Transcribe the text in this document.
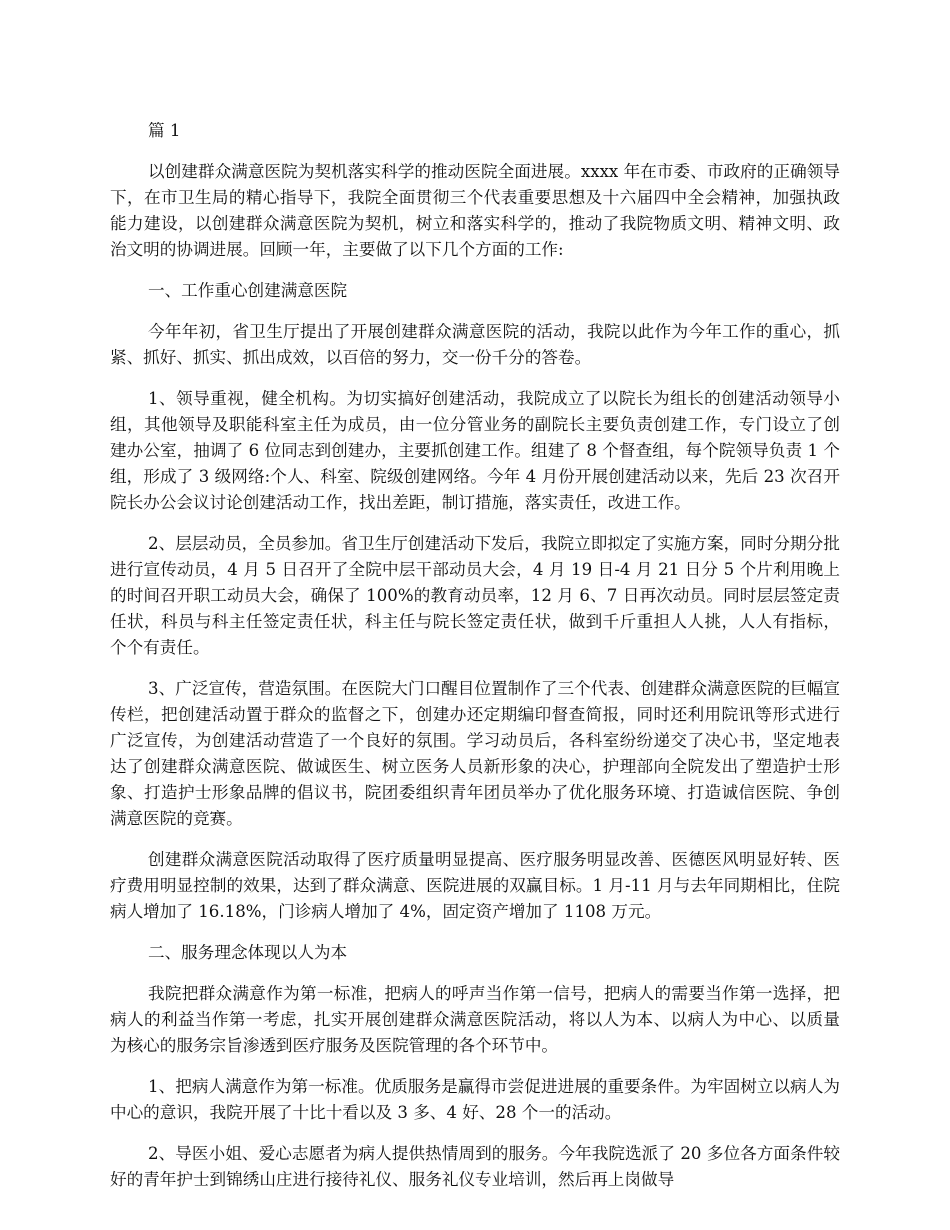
篇 1

以创建群众满意医院为契机落实科学的推动医院全面进展。xxxx 年在市委、市政府的正确领导下，在市卫生局的精心指导下，我院全面贯彻三个代表重要思想及十六届四中全会精神，加强执政能力建设，以创建群众满意医院为契机，树立和落实科学的，推动了我院物质文明、精神文明、政治文明的协调进展。回顾一年，主要做了以下几个方面的工作:

一、工作重心创建满意医院

今年年初，省卫生厅提出了开展创建群众满意医院的活动，我院以此作为今年工作的重心，抓紧、抓好、抓实、抓出成效，以百倍的努力，交一份千分的答卷。

1、领导重视，健全机构。为切实搞好创建活动，我院成立了以院长为组长的创建活动领导小组，其他领导及职能科室主任为成员，由一位分管业务的副院长主要负责创建工作，专门设立了创建办公室，抽调了 6 位同志到创建办，主要抓创建工作。组建了 8 个督查组，每个院领导负责 1 个组，形成了 3 级网络:个人、科室、院级创建网络。今年 4 月份开展创建活动以来，先后 23 次召开院长办公会议讨论创建活动工作，找出差距，制订措施，落实责任，改进工作。

2、层层动员，全员参加。省卫生厅创建活动下发后，我院立即拟定了实施方案，同时分期分批进行宣传动员，4 月 5 日召开了全院中层干部动员大会，4 月 19 日-4 月 21 日分 5 个片利用晚上的时间召开职工动员大会，确保了 100%的教育动员率，12 月 6、7 日再次动员。同时层层签定责任状，科员与科主任签定责任状，科主任与院长签定责任状，做到千斤重担人人挑，人人有指标，个个有责任。

3、广泛宣传，营造氛围。在医院大门口醒目位置制作了三个代表、创建群众满意医院的巨幅宣传栏，把创建活动置于群众的监督之下，创建办还定期编印督查简报，同时还利用院讯等形式进行广泛宣传，为创建活动营造了一个良好的氛围。学习动员后，各科室纷纷递交了决心书，坚定地表达了创建群众满意医院、做诚医生、树立医务人员新形象的决心，护理部向全院发出了塑造护士形象、打造护士形象品牌的倡议书，院团委组织青年团员举办了优化服务环境、打造诚信医院、争创满意医院的竞赛。

创建群众满意医院活动取得了医疗质量明显提高、医疗服务明显改善、医德医风明显好转、医疗费用明显控制的效果，达到了群众满意、医院进展的双赢目标。1 月-11 月与去年同期相比，住院病人增加了 16.18%，门诊病人增加了 4%，固定资产增加了 1108 万元。

二、服务理念体现以人为本

我院把群众满意作为第一标准，把病人的呼声当作第一信号，把病人的需要当作第一选择，把病人的利益当作第一考虑，扎实开展创建群众满意医院活动，将以人为本、以病人为中心、以质量为核心的服务宗旨渗透到医疗服务及医院管理的各个环节中。

1、把病人满意作为第一标准。优质服务是赢得市尝促进进展的重要条件。为牢固树立以病人为中心的意识，我院开展了十比十看以及 3 多、4 好、28 个一的活动。

2、导医小姐、爱心志愿者为病人提供热情周到的服务。今年我院选派了 20 多位各方面条件较好的青年护士到锦绣山庄进行接待礼仪、服务礼仪专业培训，然后再上岗做导
